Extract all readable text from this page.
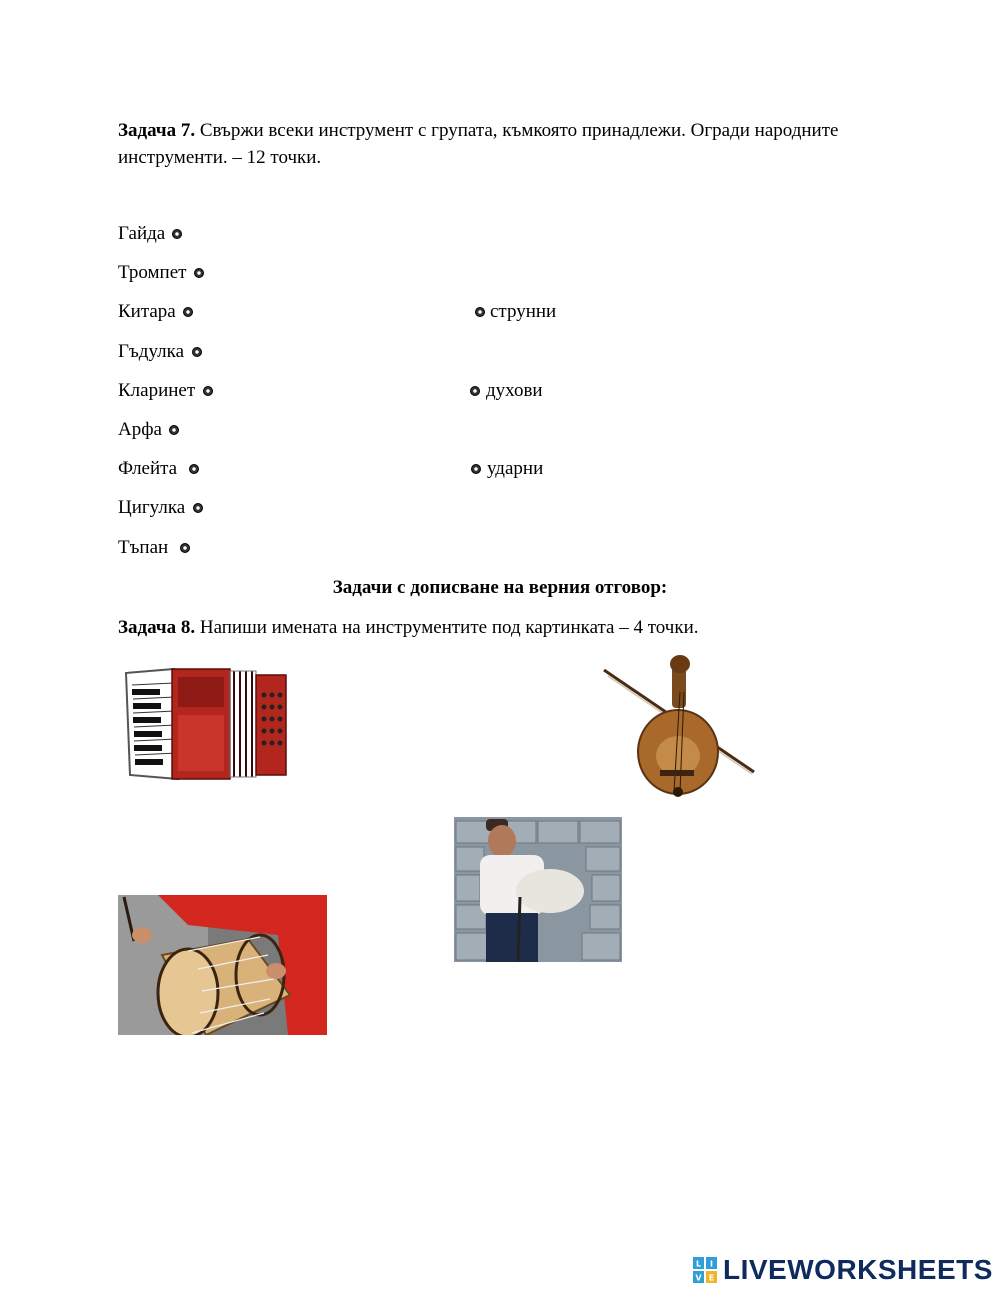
Задача 7. Свържи всеки инструмент с групата, къмкоято принадлежи. Огради народните инструменти. – 12 точки.
Гайда
Тромпет
Китара
Гъдулка
Кларинет
Арфа
Флейта
Цигулка
Тъпан
струнни
духови
ударни
Задачи с дописване на верния отговор:
Задача 8. Напиши имената на инструментите под картинката – 4 точки.
L I
V E LIVEWORKSHEETS
